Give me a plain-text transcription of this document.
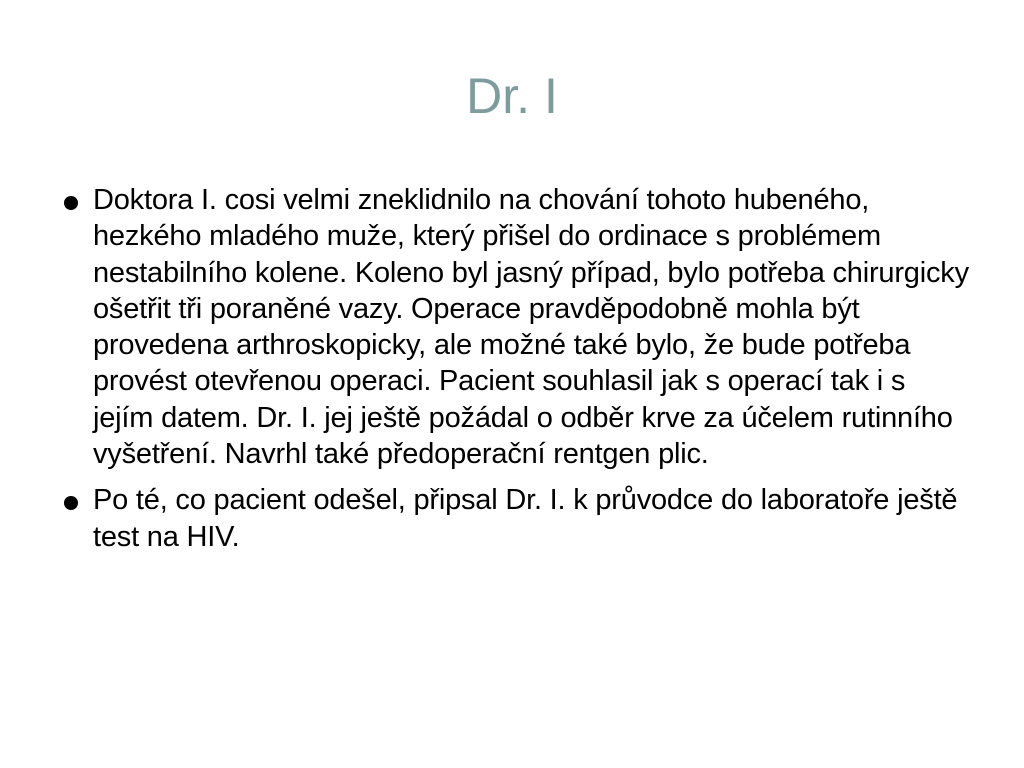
Dr. I
Doktora I. cosi velmi zneklidnilo na chování tohoto hubeného, hezkého mladého muže, který přišel do ordinace s problémem nestabilního kolene. Koleno byl jasný případ, bylo potřeba chirurgicky ošetřit tři poraněné vazy. Operace pravděpodobně mohla být provedena arthroskopicky, ale možné také bylo, že bude potřeba provést otevřenou operaci. Pacient souhlasil jak s operací tak i s jejím datem. Dr. I. jej ještě požádal o odběr krve za účelem rutinního vyšetření. Navrhl také předoperační rentgen plic.
Po té, co pacient odešel, připsal Dr. I. k průvodce do laboratoře ještě test na HIV.
